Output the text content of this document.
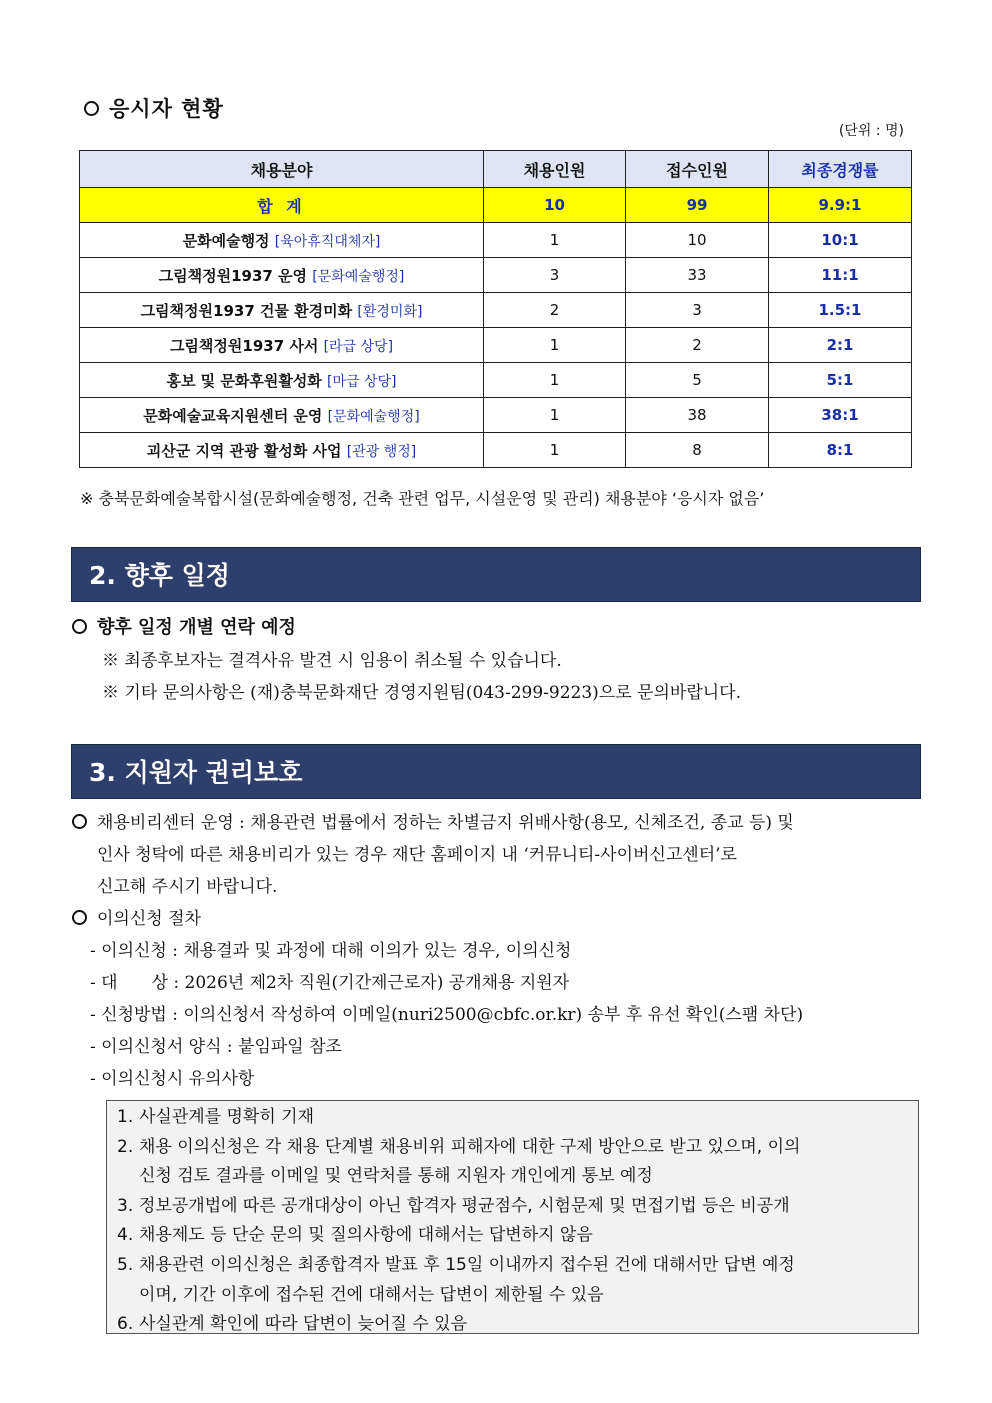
응시자 현황
(단위 : 명)
채용분야	채용인원	접수인원	최종경쟁률
합 계	10	99	9.9:1
문화예술행정 [육아휴직대체자]	1	10	10:1
그림책정원1937 운영 [문화예술행정]	3	33	11:1
그림책정원1937 건물 환경미화 [환경미화]	2	3	1.5:1
그림책정원1937 사서 [라급 상당]	1	2	2:1
홍보 및 문화후원활성화 [마급 상당]	1	5	5:1
문화예술교육지원센터 운영 [문화예술행정]	1	38	38:1
괴산군 지역 관광 활성화 사업 [관광 행정]	1	8	8:1
※ 충북문화예술복합시설(문화예술행정, 건축 관련 업무, 시설운영 및 관리) 채용분야 ‘응시자 없음’
2. 향후 일정
향후 일정 개별 연락 예정
※ 최종후보자는 결격사유 발견 시 임용이 취소될 수 있습니다.
※ 기타 문의사항은 (재)충북문화재단 경영지원팀(043-299-9223)으로 문의바랍니다.
3. 지원자 권리보호
채용비리센터 운영 : 채용관련 법률에서 정하는 차별금지 위배사항(용모, 신체조건, 종교 등) 및
인사 청탁에 따른 채용비리가 있는 경우 재단 홈페이지 내 ‘커뮤니티-사이버신고센터’로
신고해 주시기 바랍니다.
이의신청 절차
- 이의신청 : 채용결과 및 과정에 대해 이의가 있는 경우, 이의신청
- 대　　상 : 2026년 제2차 직원(기간제근로자) 공개채용 지원자
- 신청방법 : 이의신청서 작성하여 이메일(nuri2500@cbfc.or.kr) 송부 후 유선 확인(스팸 차단)
- 이의신청서 양식 : 붙임파일 참조
- 이의신청시 유의사항
1. 사실관계를 명확히 기재
2. 채용 이의신청은 각 채용 단계별 채용비위 피해자에 대한 구제 방안으로 받고 있으며, 이의
신청 검토 결과를 이메일 및 연락처를 통해 지원자 개인에게 통보 예정
3. 정보공개법에 따른 공개대상이 아닌 합격자 평균점수, 시험문제 및 면접기법 등은 비공개
4. 채용제도 등 단순 문의 및 질의사항에 대해서는 답변하지 않음
5. 채용관련 이의신청은 최종합격자 발표 후 15일 이내까지 접수된 건에 대해서만 답변 예정
이며, 기간 이후에 접수된 건에 대해서는 답변이 제한될 수 있음
6. 사실관계 확인에 따라 답변이 늦어질 수 있음
